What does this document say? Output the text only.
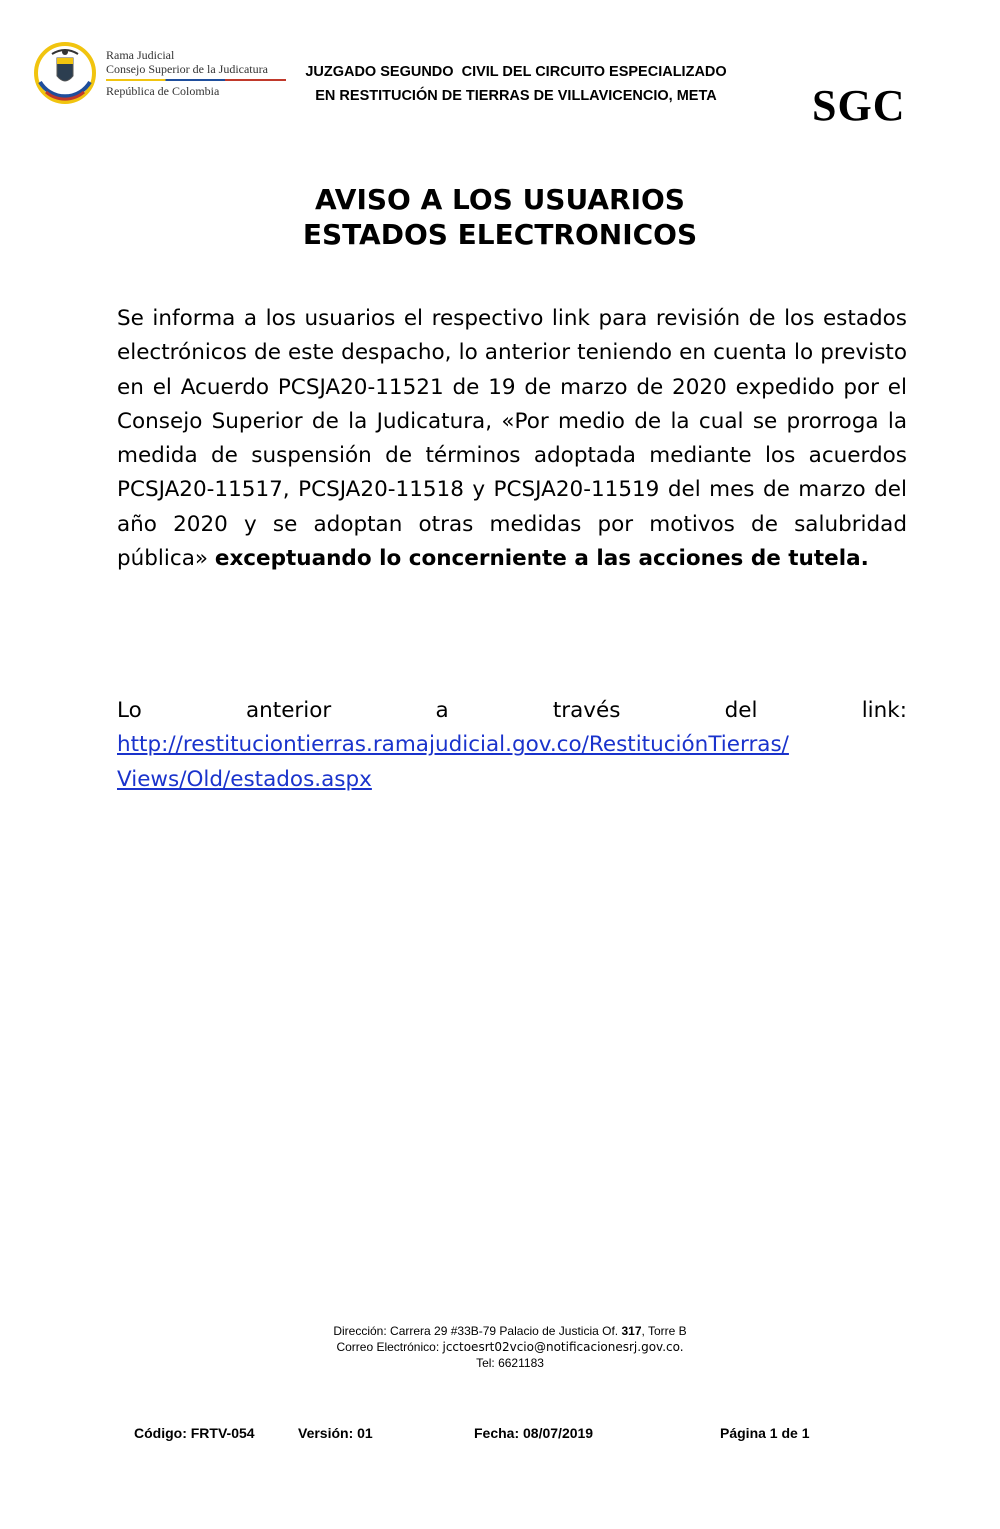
Rama Judicial
Consejo Superior de la Judicatura
República de Colombia
JUZGADO SEGUNDO  CIVIL DEL CIRCUITO ESPECIALIZADO
EN RESTITUCIÓN DE TIERRAS DE VILLAVICENCIO, META	SGC
AVISO A LOS USUARIOS
ESTADOS ELECTRONICOS
Se informa a los usuarios el respectivo link para revisión de los estados electrónicos de este despacho, lo anterior teniendo en cuenta lo previsto en el Acuerdo PCSJA20-11521 de 19 de marzo de 2020 expedido por el Consejo Superior de la Judicatura, «Por medio de la cual se prorroga la medida de suspensión de términos adoptada mediante los acuerdos PCSJA20-11517, PCSJA20-11518 y PCSJA20-11519 del mes de marzo del año 2020 y se adoptan otras medidas por motivos de salubridad pública» exceptuando lo concerniente a las acciones de tutela.
Lo	anterior	a	través	del	link:
http://restituciontierras.ramajudicial.gov.co/RestituciónTierras/
Views/Old/estados.aspx
Dirección: Carrera 29 #33B-79 Palacio de Justicia Of. 317, Torre B
Correo Electrónico: jcctoesrt02vcio@notificacionesrj.gov.co.
Tel: 6621183
Código: FRTV-054	Versión: 01	Fecha: 08/07/2019	Página 1 de 1
